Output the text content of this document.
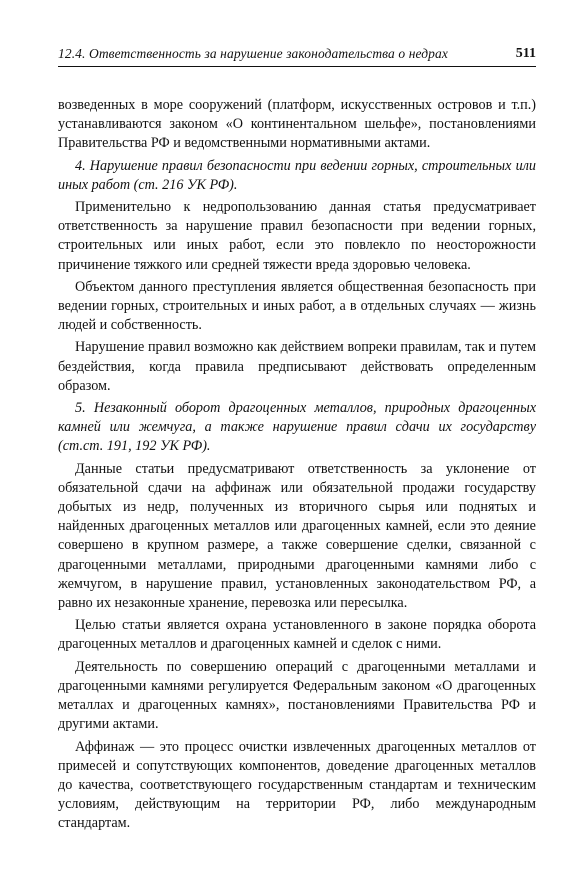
12.4. Ответственность за нарушение законодательства о недрах	511

возведенных в море сооружений (платформ, искусственных островов и т.п.) устанавливаются законом «О континентальном шельфе», постановлениями Правительства РФ и ведомственными нормативными актами.

4. Нарушение правил безопасности при ведении горных, строительных или иных работ (ст. 216 УК РФ).

Применительно к недропользованию данная статья предусматривает ответственность за нарушение правил безопасности при ведении горных, строительных или иных работ, если это повлекло по неосторожности причинение тяжкого или средней тяжести вреда здоровью человека.

Объектом данного преступления является общественная безопасность при ведении горных, строительных и иных работ, а в отдельных случаях — жизнь людей и собственность.

Нарушение правил возможно как действием вопреки правилам, так и путем бездействия, когда правила предписывают действовать определенным образом.

5. Незаконный оборот драгоценных металлов, природных драгоценных камней или жемчуга, а также нарушение правил сдачи их государству (ст.ст. 191, 192 УК РФ).

Данные статьи предусматривают ответственность за уклонение от обязательной сдачи на аффинаж или обязательной продажи государству добытых из недр, полученных из вторичного сырья или поднятых и найденных драгоценных металлов или драгоценных камней, если это деяние совершено в крупном размере, а также совершение сделки, связанной с драгоценными металлами, природными драгоценными камнями либо с жемчугом, в нарушение правил, установленных законодательством РФ, а равно их незаконные хранение, перевозка или пересылка.

Целью статьи является охрана установленного в законе порядка оборота драгоценных металлов и драгоценных камней и сделок с ними.

Деятельность по совершению операций с драгоценными металлами и драгоценными камнями регулируется Федеральным законом «О драгоценных металлах и драгоценных камнях», постановлениями Правительства РФ и другими актами.

Аффинаж — это процесс очистки извлеченных драгоценных металлов от примесей и сопутствующих компонентов, доведение драгоценных металлов до качества, соответствующего государственным стандартам и техническим условиям, действующим на территории РФ, либо международным стандартам.
